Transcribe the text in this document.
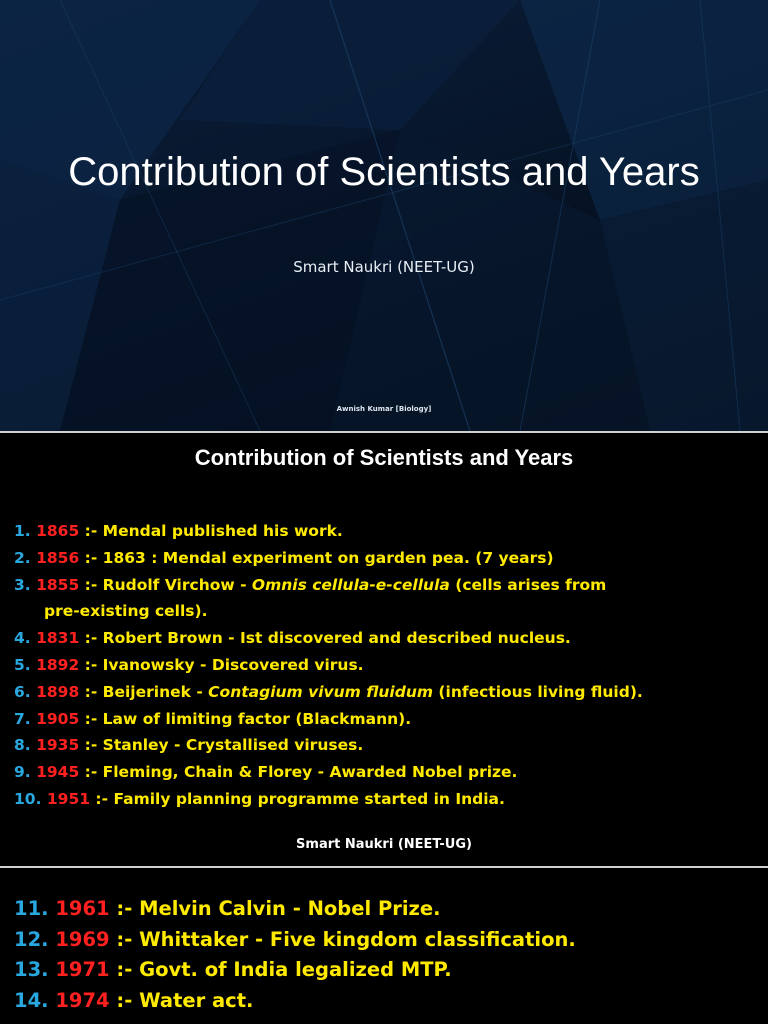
Contribution of Scientists and Years
Smart Naukri (NEET-UG)
Awnish Kumar [Biology]
Contribution of Scientists and Years
1. 1865 :- Mendal published his work.
2. 1856 :- 1863 : Mendal experiment on garden pea. (7 years)
3. 1855 :- Rudolf Virchow - Omnis cellula-e-cellula (cells arises from
pre-existing cells).
4. 1831 :- Robert Brown - Ist discovered and described nucleus.
5. 1892 :- Ivanowsky - Discovered virus.
6. 1898 :- Beijerinek - Contagium vivum fluidum (infectious living fluid).
7. 1905 :- Law of limiting factor (Blackmann).
8. 1935 :- Stanley - Crystallised viruses.
9. 1945 :- Fleming, Chain & Florey - Awarded Nobel prize.
10. 1951 :- Family planning programme started in India.
Smart Naukri (NEET-UG)
11. 1961 :- Melvin Calvin - Nobel Prize.
12. 1969 :- Whittaker - Five kingdom classification.
13. 1971 :- Govt. of India legalized MTP.
14. 1974 :- Water act.
